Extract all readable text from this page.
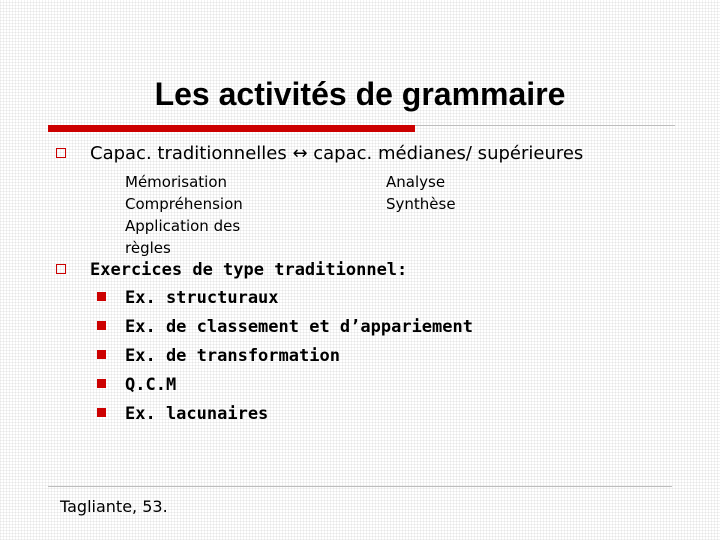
Les activités de grammaire
Capac. traditionnelles ↔ capac. médianes/ supérieures
Mémorisation
Compréhension
Application des
règles
Analyse
Synthèse
Exercices de type traditionnel:
Ex. structuraux
Ex. de classement et d’appariement
Ex. de transformation
Q.C.M
Ex. lacunaires
Tagliante, 53.
